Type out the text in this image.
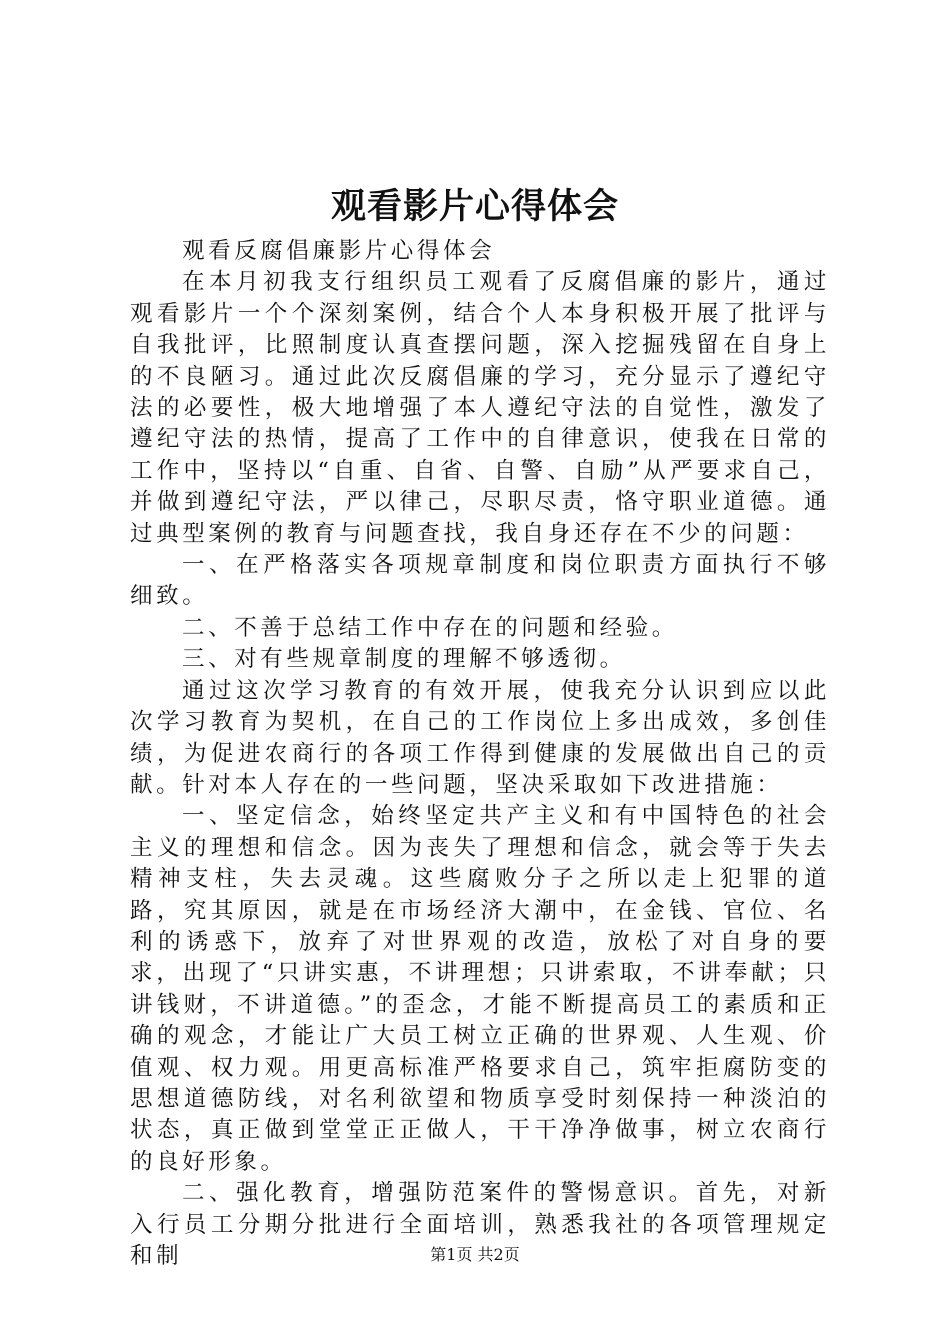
观看影片心得体会

观看反腐倡廉影片心得体会

在本月初我支行组织员工观看了反腐倡廉的影片，通过观看影片一个个深刻案例，结合个人本身积极开展了批评与自我批评，比照制度认真查摆问题，深入挖掘残留在自身上的不良陋习。通过此次反腐倡廉的学习，充分显示了遵纪守法的必要性，极大地增强了本人遵纪守法的自觉性，激发了遵纪守法的热情，提高了工作中的自律意识，使我在日常的工作中，坚持以“自重、自省、自警、自励”从严要求自己，并做到遵纪守法，严以律己，尽职尽责，恪守职业道德。通过典型案例的教育与问题查找，我自身还存在不少的问题：

一、在严格落实各项规章制度和岗位职责方面执行不够细致。

二、不善于总结工作中存在的问题和经验。

三、对有些规章制度的理解不够透彻。

通过这次学习教育的有效开展，使我充分认识到应以此次学习教育为契机，在自己的工作岗位上多出成效，多创佳绩，为促进农商行的各项工作得到健康的发展做出自己的贡献。针对本人存在的一些问题，坚决采取如下改进措施：

一、坚定信念，始终坚定共产主义和有中国特色的社会主义的理想和信念。因为丧失了理想和信念，就会等于失去精神支柱，失去灵魂。这些腐败分子之所以走上犯罪的道路，究其原因，就是在市场经济大潮中，在金钱、官位、名利的诱惑下，放弃了对世界观的改造，放松了对自身的要求，出现了“只讲实惠，不讲理想；只讲索取，不讲奉献；只讲钱财，不讲道德。”的歪念，才能不断提高员工的素质和正确的观念，才能让广大员工树立正确的世界观、人生观、价值观、权力观。用更高标准严格要求自己，筑牢拒腐防变的思想道德防线，对名利欲望和物质享受时刻保持一种淡泊的状态，真正做到堂堂正正做人，干干净净做事，树立农商行的良好形象。

二、强化教育，增强防范案件的警惕意识。首先，对新入行员工分期分批进行全面培训，熟悉我社的各项管理规定和制	第1页 共2页
